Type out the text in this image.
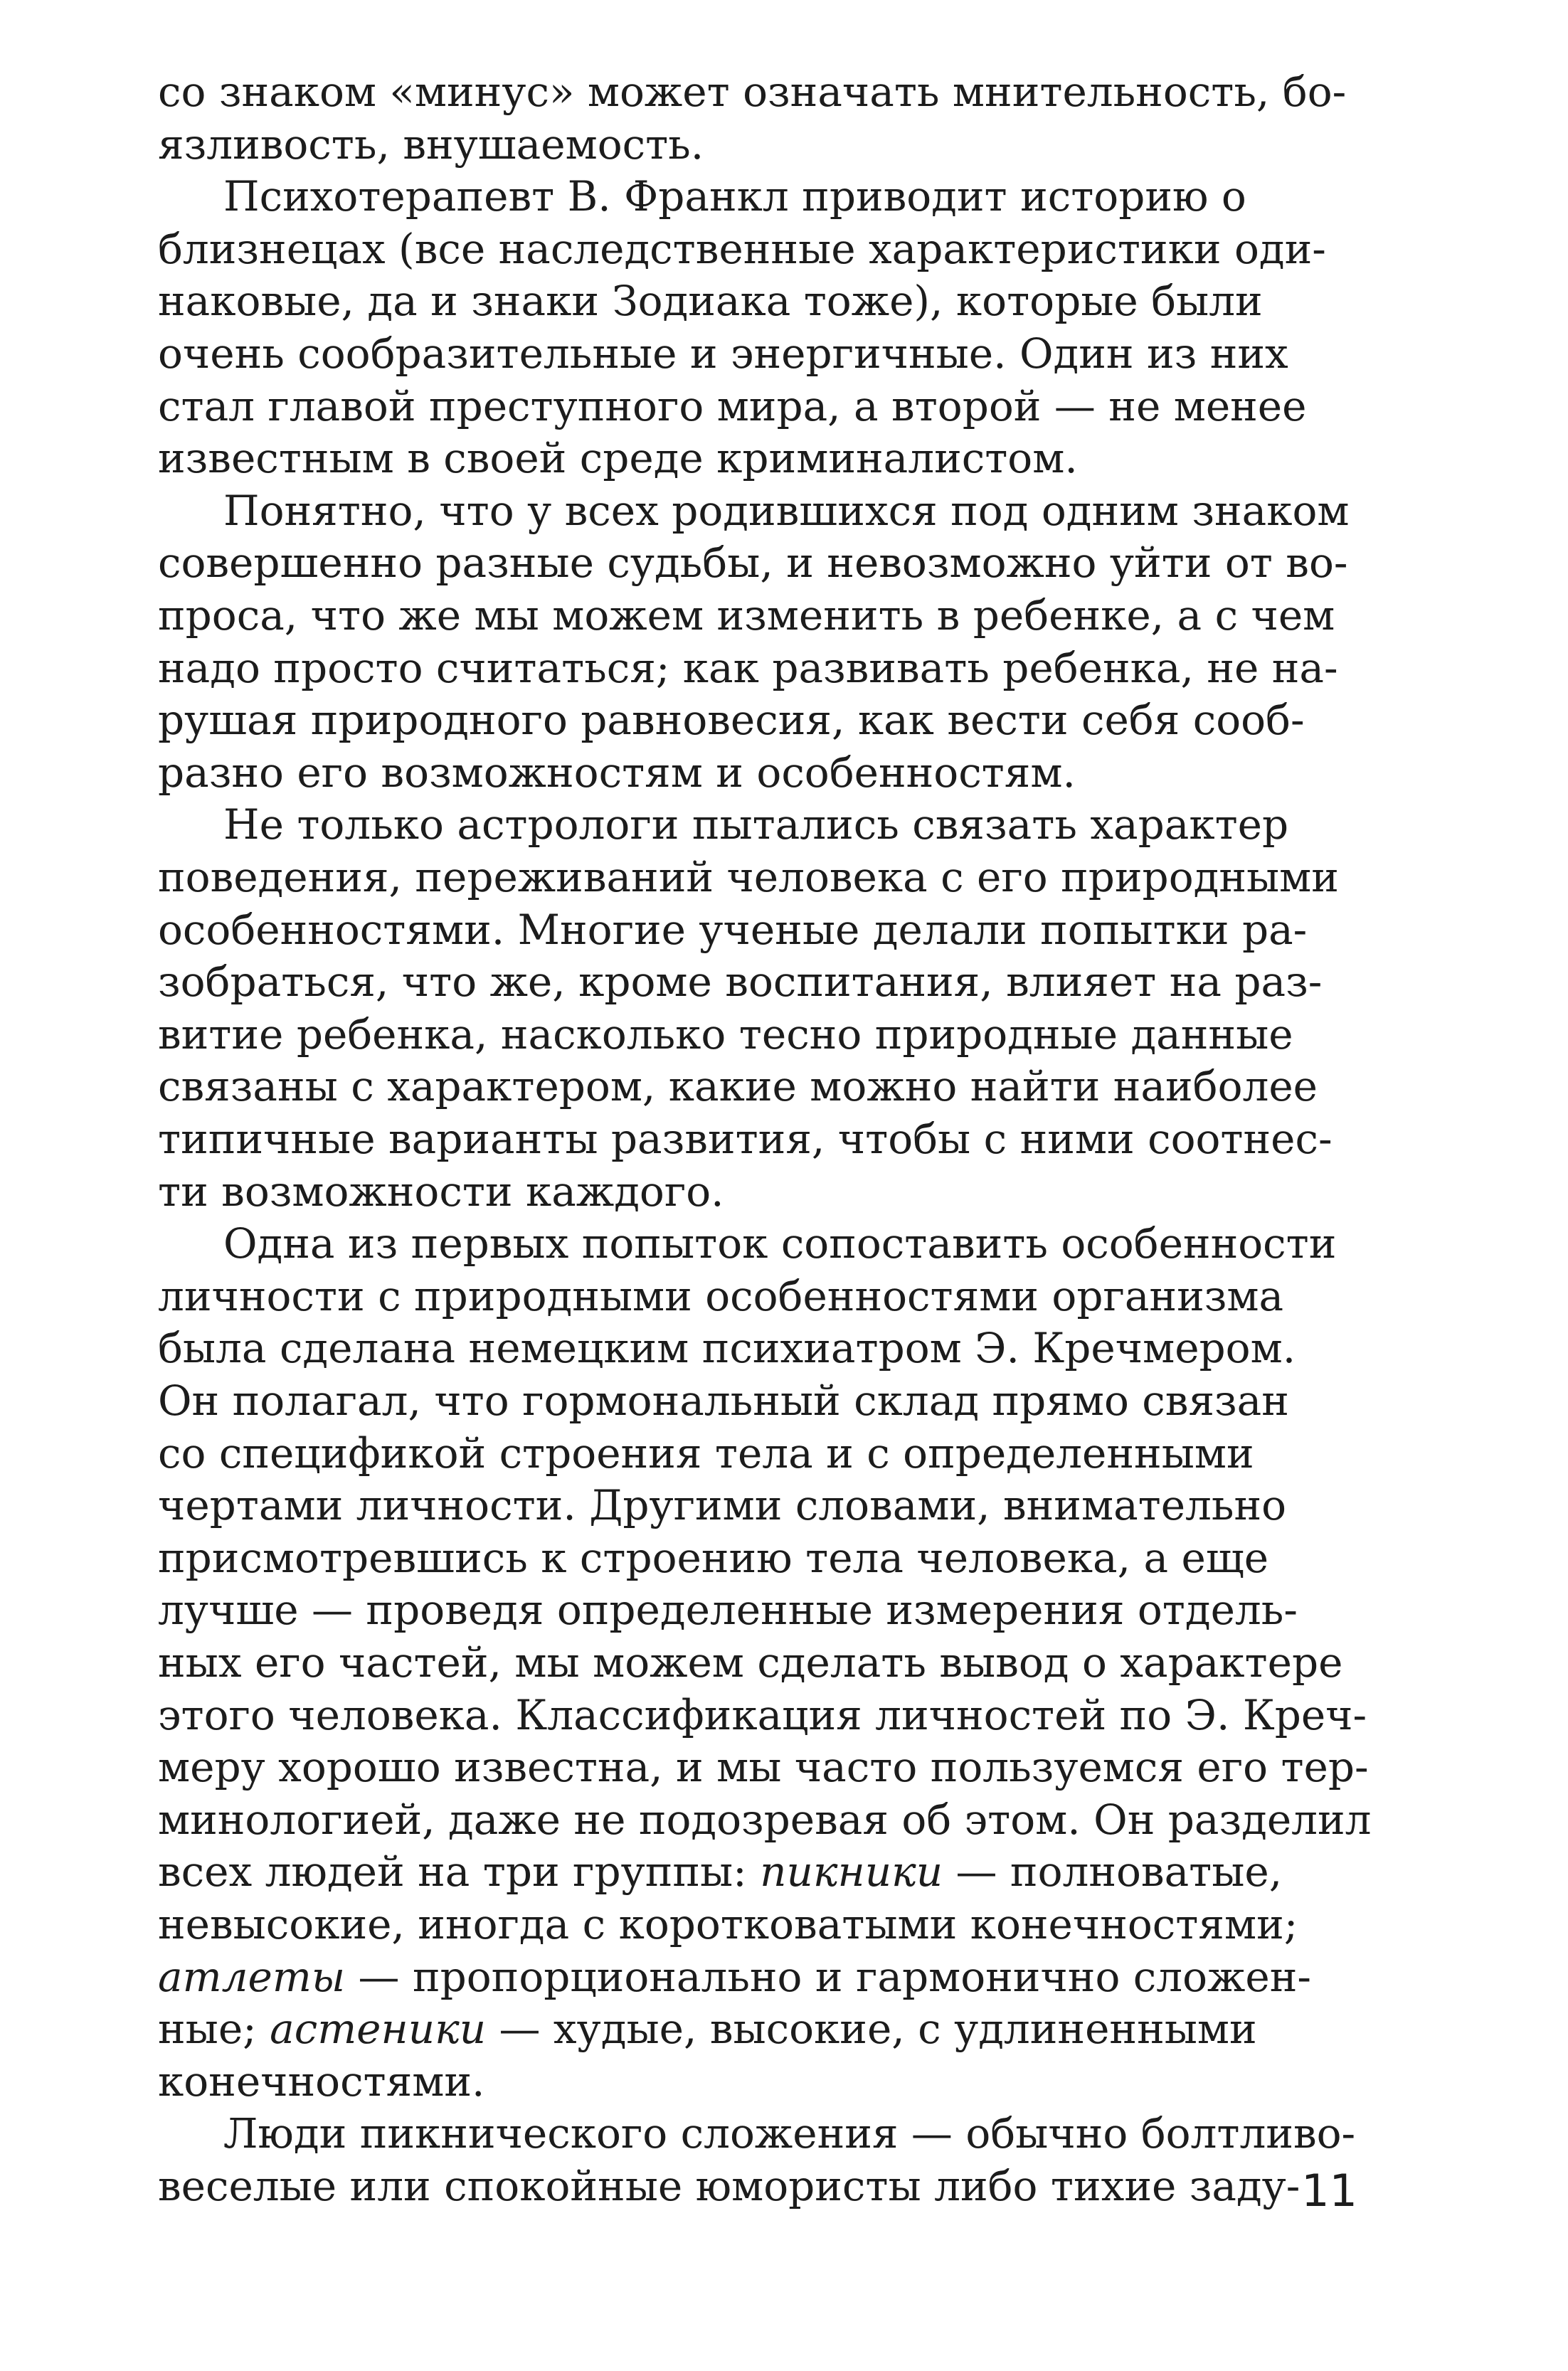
со знаком «минус» может означать мнительность, бо-
язливость, внушаемость.
Психотерапевт В. Франкл приводит историю о
близнецах (все наследственные характеристики оди-
наковые, да и знаки Зодиака тоже), которые были
очень сообразительные и энергичные. Один из них
стал главой преступного мира, а второй — не менее
известным в своей среде криминалистом.
Понятно, что у всех родившихся под одним знаком
совершенно разные судьбы, и невозможно уйти от во-
проса, что же мы можем изменить в ребенке, а с чем
надо просто считаться; как развивать ребенка, не на-
рушая природного равновесия, как вести себя сооб-
разно его возможностям и особенностям.
Не только астрологи пытались связать характер
поведения, переживаний человека с его природными
особенностями. Многие ученые делали попытки ра-
зобраться, что же, кроме воспитания, влияет на раз-
витие ребенка, насколько тесно природные данные
связаны с характером, какие можно найти наиболее
типичные варианты развития, чтобы с ними соотнес-
ти возможности каждого.
Одна из первых попыток сопоставить особенности
личности с природными особенностями организма
была сделана немецким психиатром Э. Кречмером.
Он полагал, что гормональный склад прямо связан
со спецификой строения тела и с определенными
чертами личности. Другими словами, внимательно
присмотревшись к строению тела человека, а еще
лучше — проведя определенные измерения отдель-
ных его частей, мы можем сделать вывод о характере
этого человека. Классификация личностей по Э. Креч-
меру хорошо известна, и мы часто пользуемся его тер-
минологией, даже не подозревая об этом. Он разделил
всех людей на три группы: пикники — полноватые,
невысокие, иногда с коротковатыми конечностями;
атлеты — пропорционально и гармонично сложен-
ные; астеники — худые, высокие, с удлиненными
конечностями.
Люди пикнического сложения — обычно болтливо-
веселые или спокойные юмористы либо тихие заду- 11
